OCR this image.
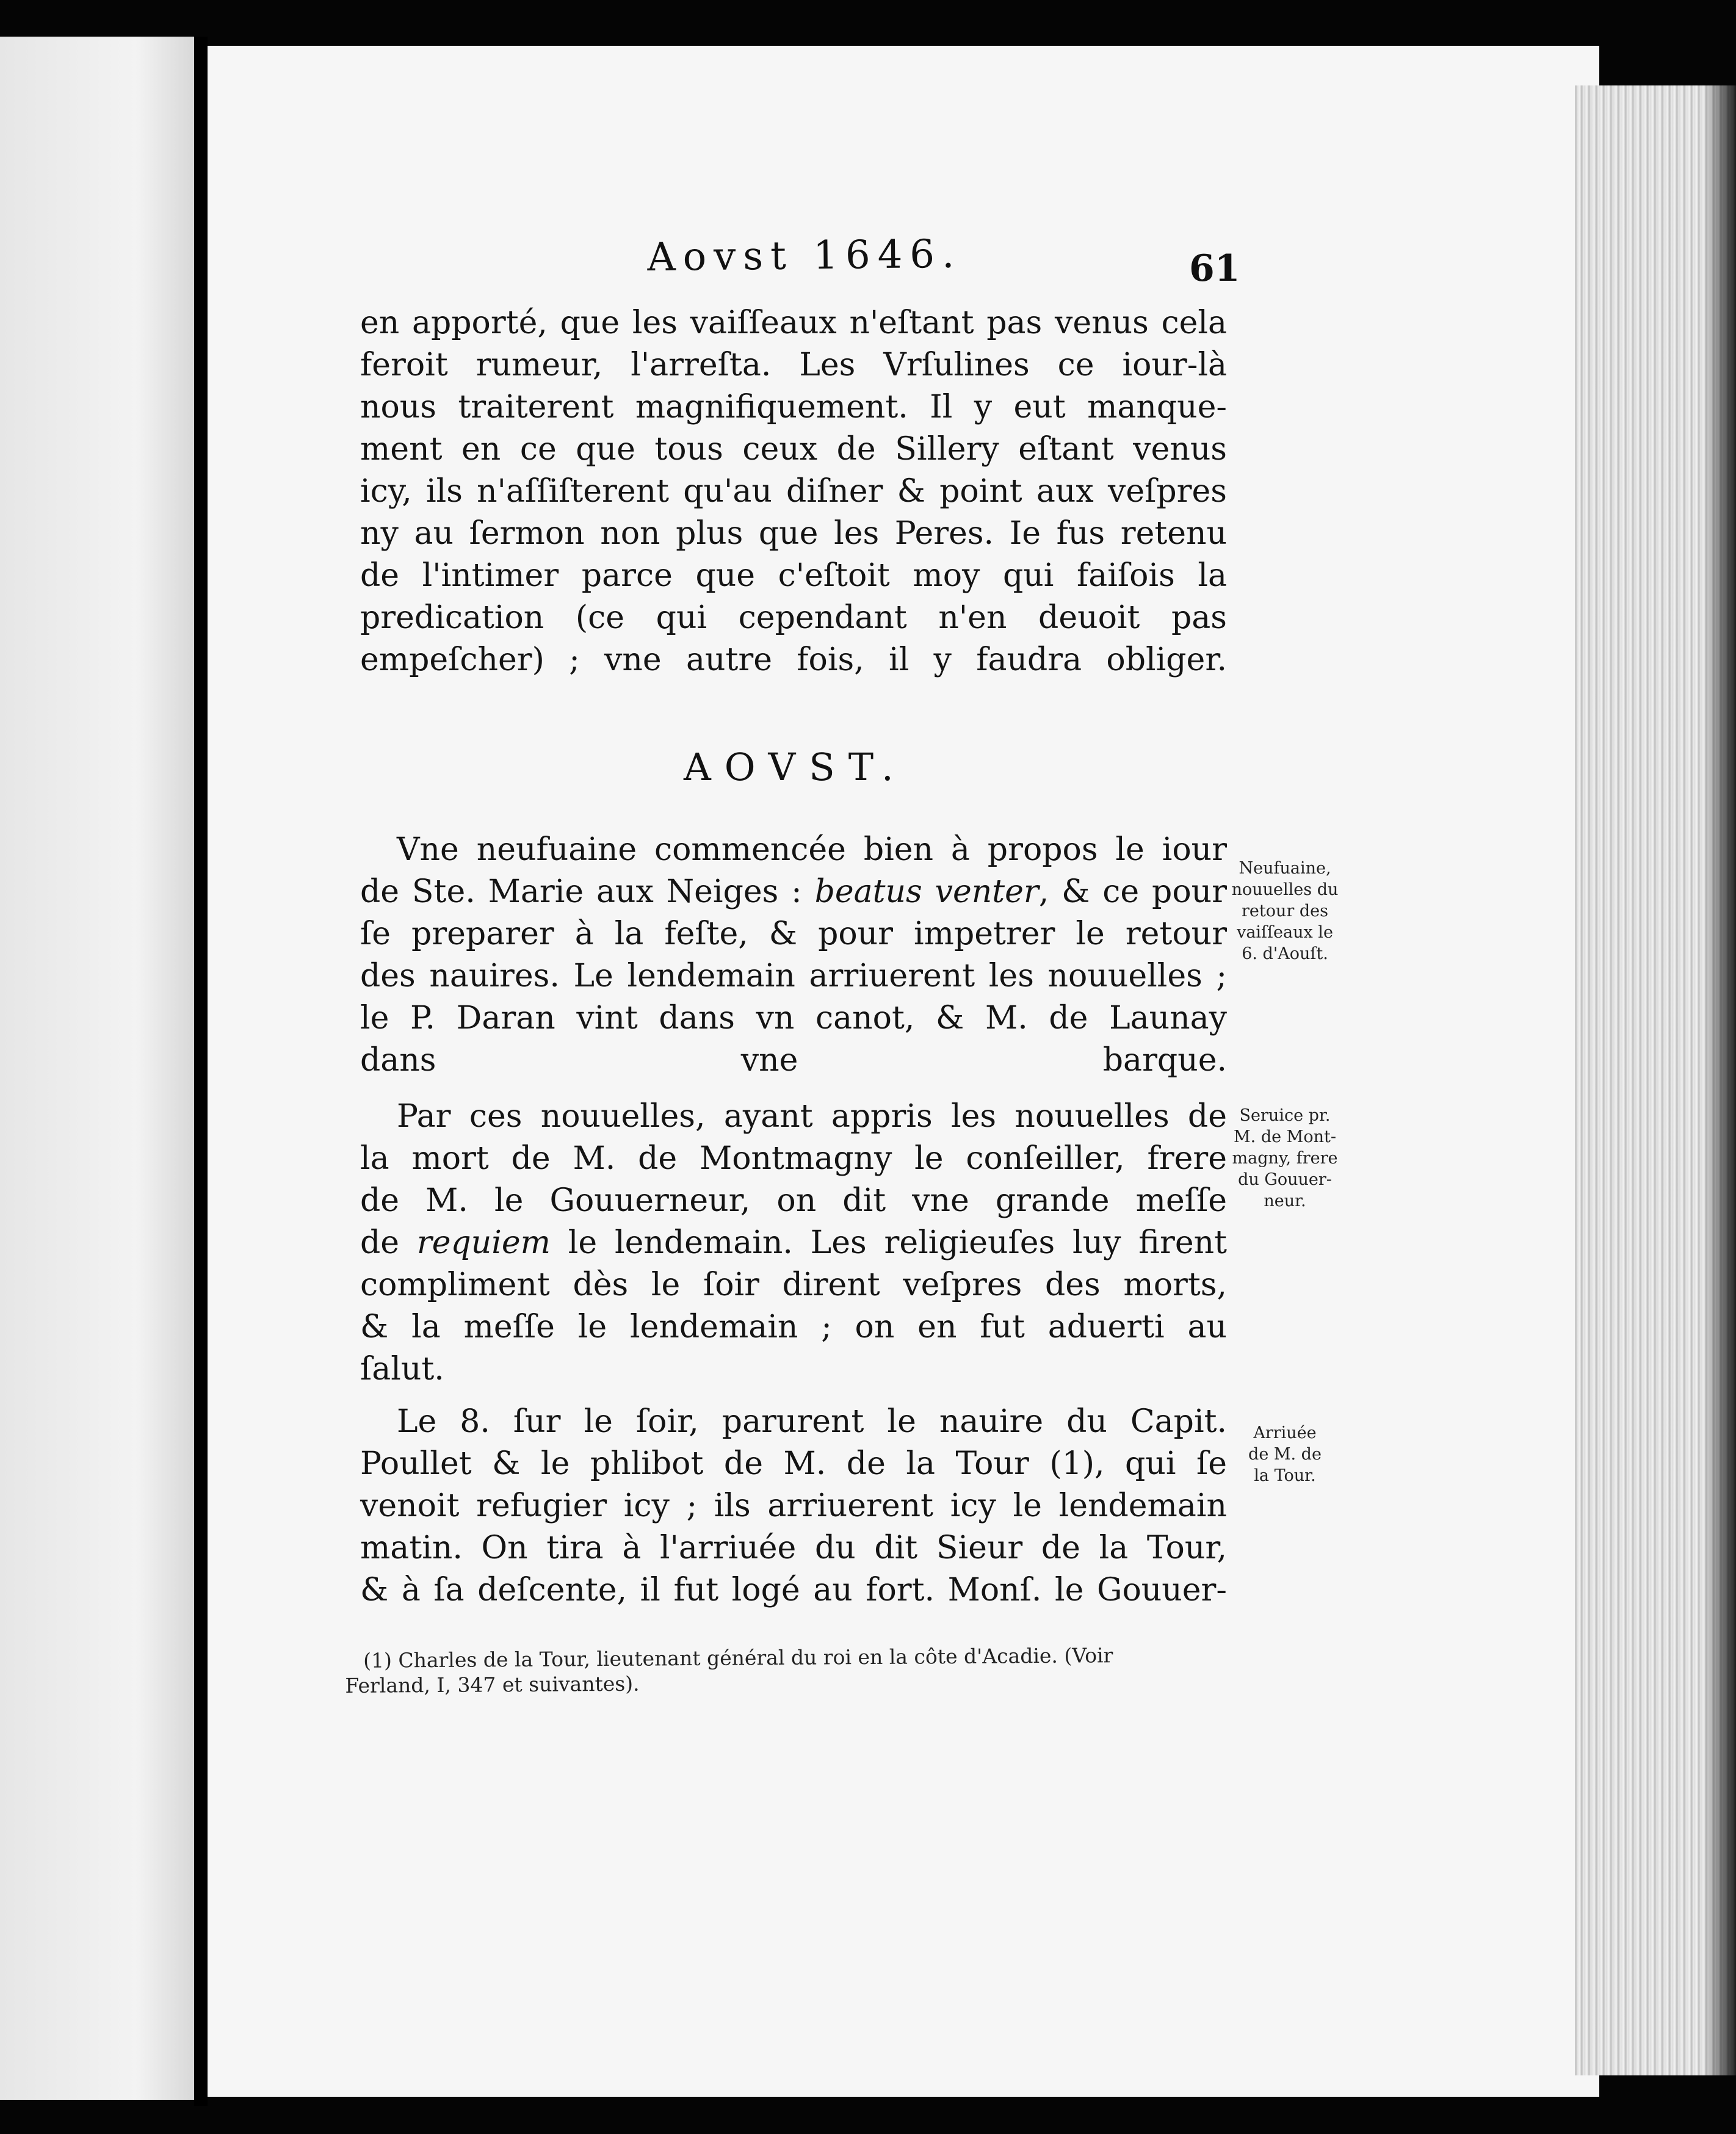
Aovst 1646.	61
en apporté, que les vaiſſeaux n'eſtant pas venus cela
feroit rumeur, l'arreſta. Les Vrſulines ce iour-là
nous traiterent magnifiquement. Il y eut manque-
ment en ce que tous ceux de Sillery eſtant venus
icy, ils n'aſſiſterent qu'au diſner & point aux veſpres
ny au ſermon non plus que les Peres. Ie fus retenu
de l'intimer parce que c'eſtoit moy qui faiſois la
predication (ce qui cependant n'en deuoit pas
empeſcher) ; vne autre fois, il y faudra obliger.
AOVST.
Vne neufuaine commencée bien à propos le iour
de Ste. Marie aux Neiges : beatus venter, & ce pour
ſe preparer à la feſte, & pour impetrer le retour
des nauires. Le lendemain arriuerent les nouuelles ;
le P. Daran vint dans vn canot, & M. de Launay
dans vne barque.
Par ces nouuelles, ayant appris les nouuelles de
la mort de M. de Montmagny le conſeiller, frere
de M. le Gouuerneur, on dit vne grande meſſe
de requiem le lendemain. Les religieuſes luy firent
compliment dès le ſoir dirent veſpres des morts,
& la meſſe le lendemain ; on en fut aduerti au
ſalut.
Le 8. ſur le ſoir, parurent le nauire du Capit.
Poullet & le phlibot de M. de la Tour (1), qui ſe
venoit refugier icy ; ils arriuerent icy le lendemain
matin. On tira à l'arriuée du dit Sieur de la Tour,
& à ſa deſcente, il fut logé au fort. Monſ. le Gouuer-
Neufuaine,
nouuelles du
retour des
vaiſſeaux le
6. d'Aouſt.
Seruice pr.
M. de Mont-
magny, frere
du Gouuer-
neur.
Arriuée
de M. de
la Tour.
(1) Charles de la Tour, lieutenant général du roi en la côte d'Acadie. (Voir
Ferland, I, 347 et suivantes).
